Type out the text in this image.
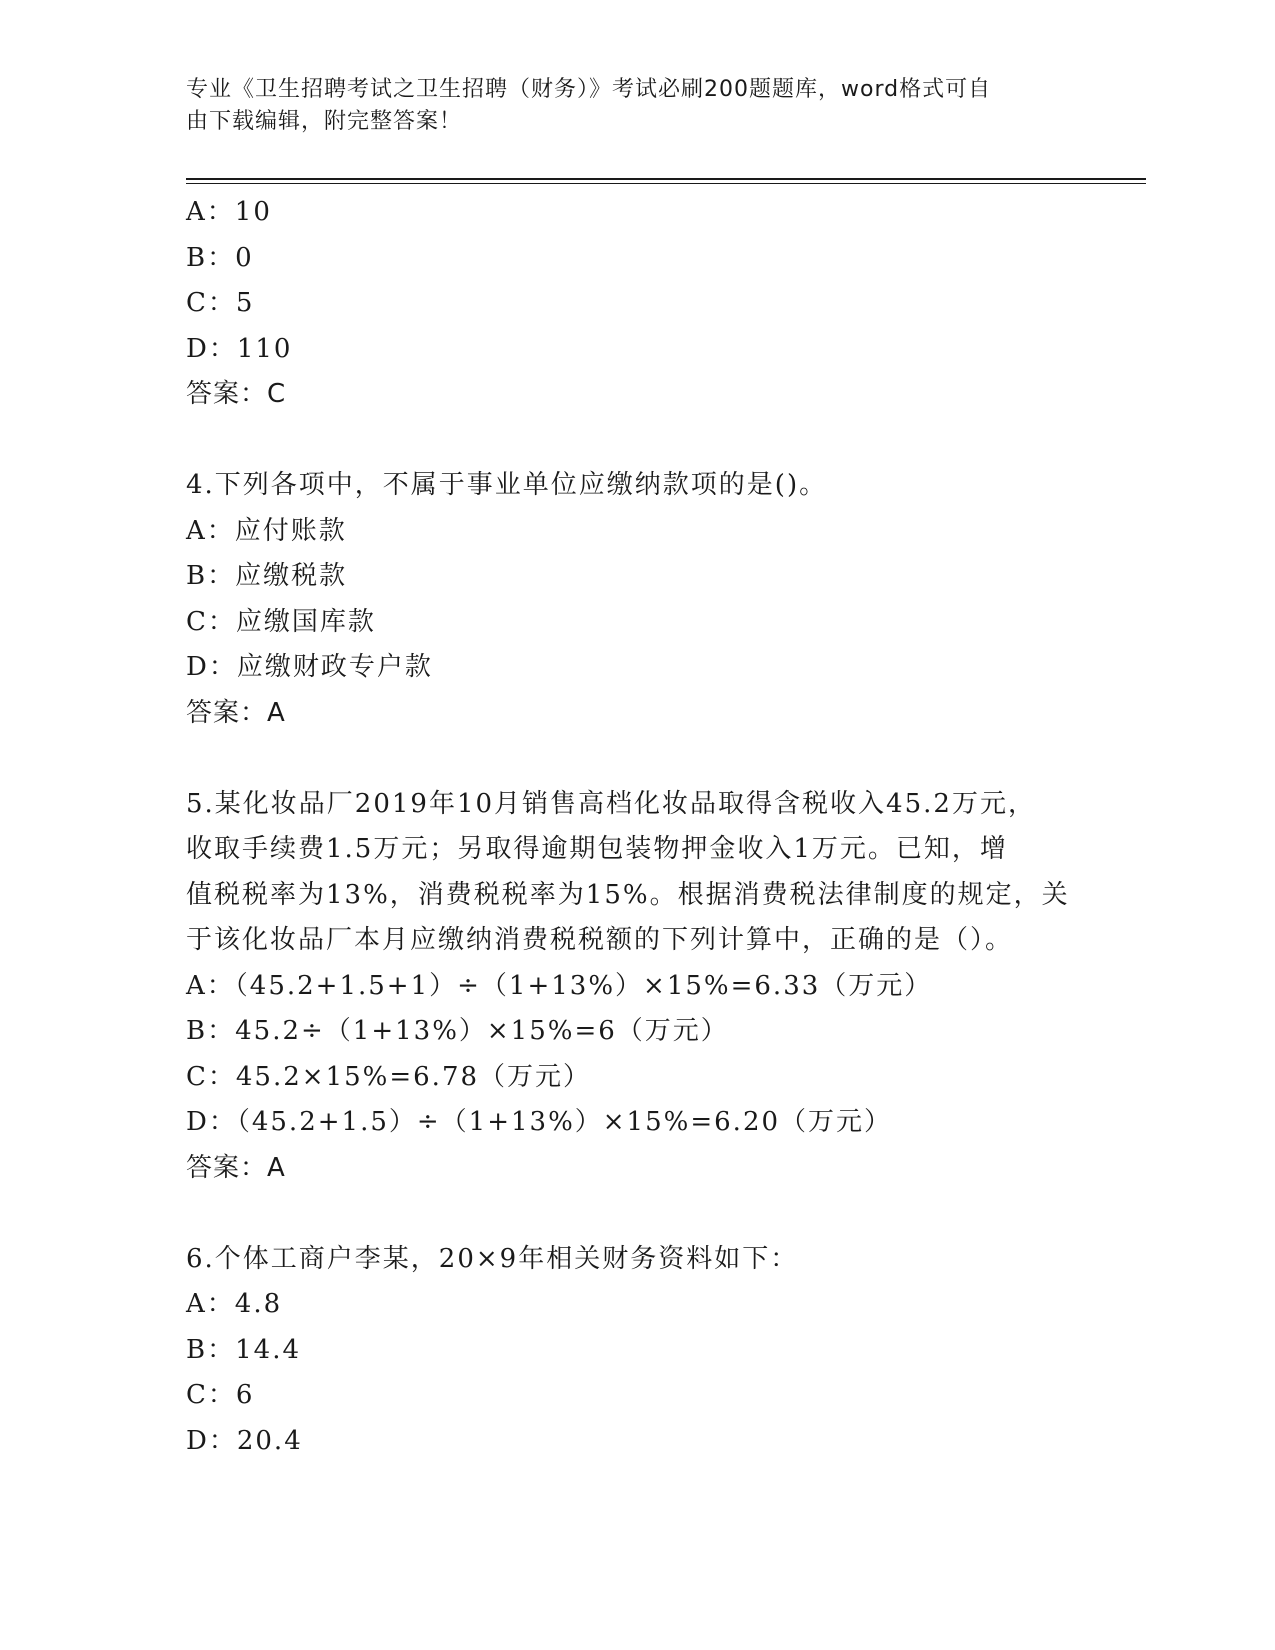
专业《卫生招聘考试之卫生招聘（财务）》考试必刷200题题库，word格式可自
由下载编辑，附完整答案！
A：10
B：0
C：5
D：110
答案：C
4.下列各项中，不属于事业单位应缴纳款项的是()。
A：应付账款
B：应缴税款
C：应缴国库款
D：应缴财政专户款
答案：A
5.某化妆品厂2019年10月销售高档化妆品取得含税收入45.2万元，
收取手续费1.5万元；另取得逾期包装物押金收入1万元。已知，增
值税税率为13%，消费税税率为15%。根据消费税法律制度的规定，关
于该化妆品厂本月应缴纳消费税税额的下列计算中，正确的是（）。
A：（45.2+1.5+1）÷（1+13%）×15%=6.33（万元）
B：45.2÷（1+13%）×15%=6（万元）
C：45.2×15%=6.78（万元）
D：（45.2+1.5）÷（1+13%）×15%=6.20（万元）
答案：A
6.个体工商户李某，20×9年相关财务资料如下：
A：4.8
B：14.4
C：6
D：20.4
